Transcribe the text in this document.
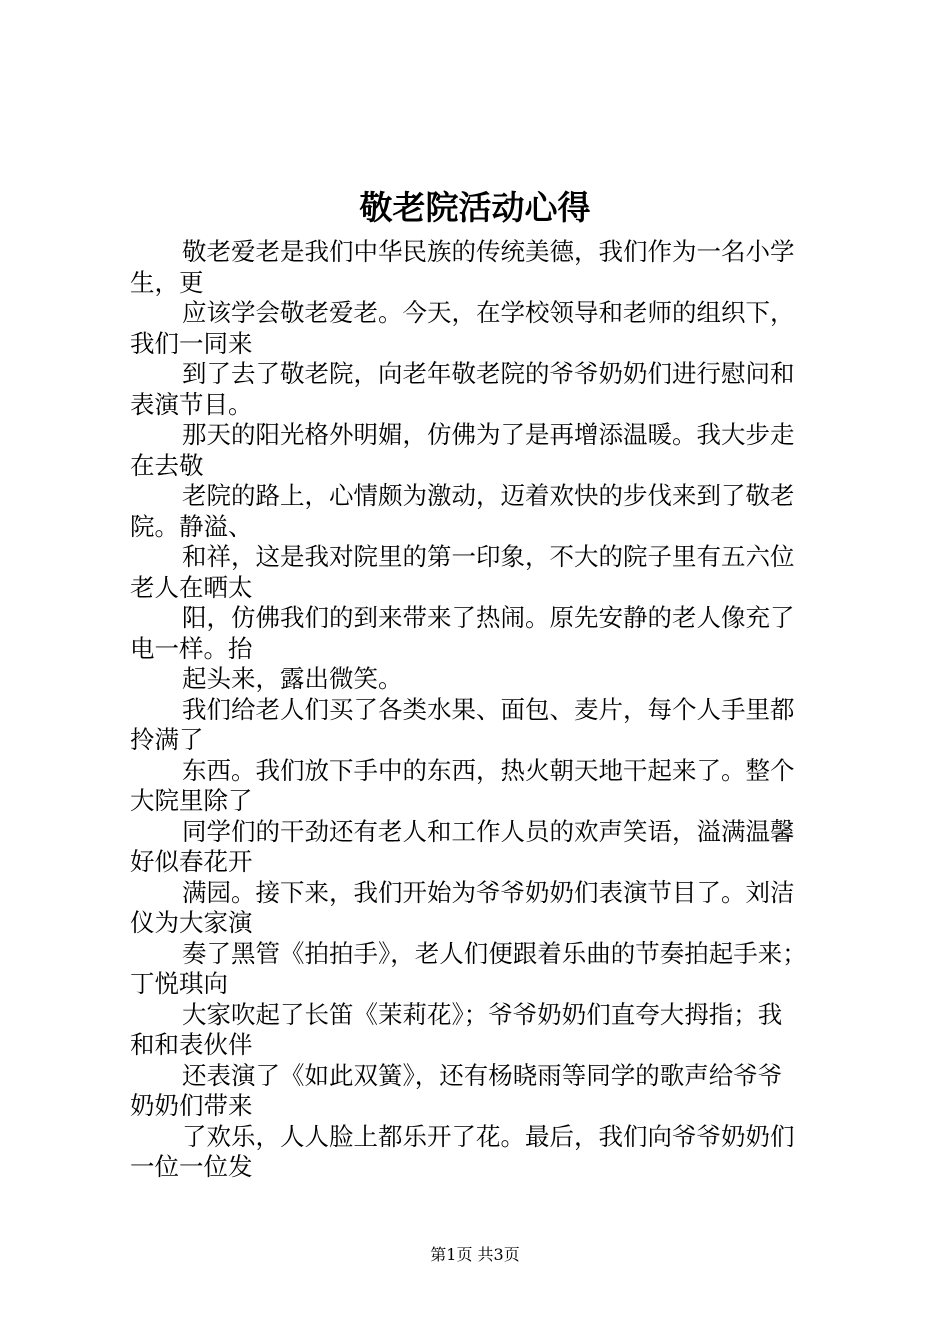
敬老院活动心得

敬老爱老是我们中华民族的传统美德，我们作为一名小学
生，更

应该学会敬老爱老。今天，在学校领导和老师的组织下，
我们一同来

到了去了敬老院，向老年敬老院的爷爷奶奶们进行慰问和
表演节目。

那天的阳光格外明媚，仿佛为了是再增添温暖。我大步走
在去敬

老院的路上，心情颇为激动，迈着欢快的步伐来到了敬老
院。静溢、

和祥，这是我对院里的第一印象，不大的院子里有五六位
老人在晒太

阳，仿佛我们的到来带来了热闹。原先安静的老人像充了
电一样。抬

起头来，露出微笑。

我们给老人们买了各类水果、面包、麦片，每个人手里都
拎满了

东西。我们放下手中的东西，热火朝天地干起来了。整个
大院里除了

同学们的干劲还有老人和工作人员的欢声笑语，溢满温馨
好似春花开

满园。接下来，我们开始为爷爷奶奶们表演节目了。刘洁
仪为大家演

奏了黑管《拍拍手》，老人们便跟着乐曲的节奏拍起手来；
丁悦琪向

大家吹起了长笛《茉莉花》；爷爷奶奶们直夸大拇指；我
和和表伙伴

还表演了《如此双簧》，还有杨晓雨等同学的歌声给爷爷
奶奶们带来

了欢乐，人人脸上都乐开了花。最后，我们向爷爷奶奶们
一位一位发

第1页 共3页
